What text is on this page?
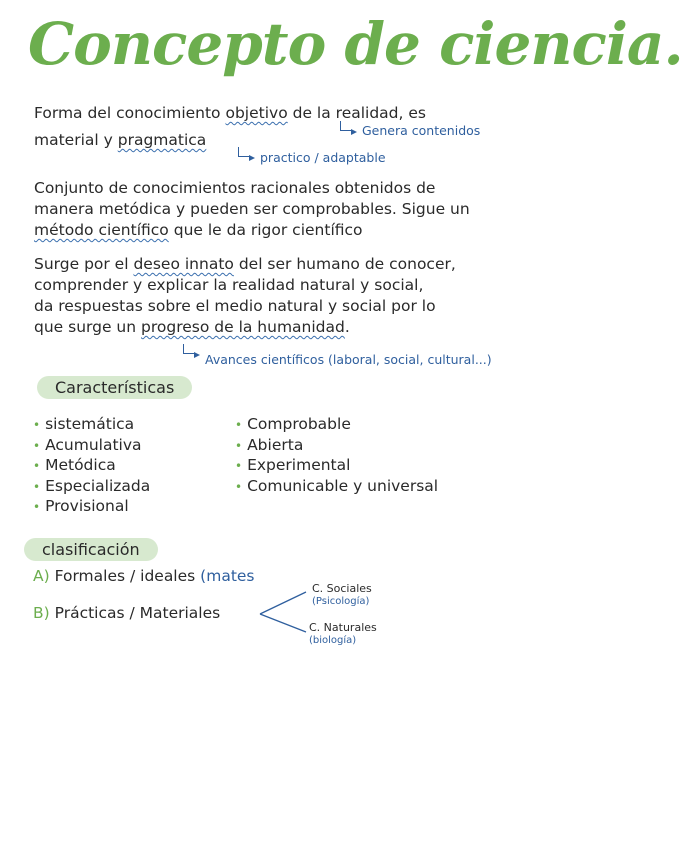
Concepto de ciencia.
Forma del conocimiento objetivo de la realidad, es
Genera contenidos
material y pragmatica
practico / adaptable
Conjunto de conocimientos racionales obtenidos de
manera metódica y pueden ser comprobables. Sigue un
método científico que le da rigor científico
Surge por el deseo innato del ser humano de conocer,
comprender y explicar la realidad natural y social,
da respuestas sobre el medio natural y social por lo
que surge un progreso de la humanidad.
Avances científicos (laboral, social, cultural...)
Características
• sistemática
• Acumulativa
• Metódica
• Especializada
• Provisional
• Comprobable
• Abierta
• Experimental
• Comunicable y universal
clasificación
A) Formales / ideales (mates
B) Prácticas / Materiales
C. Sociales
(Psicología)
C. Naturales
(biología)
